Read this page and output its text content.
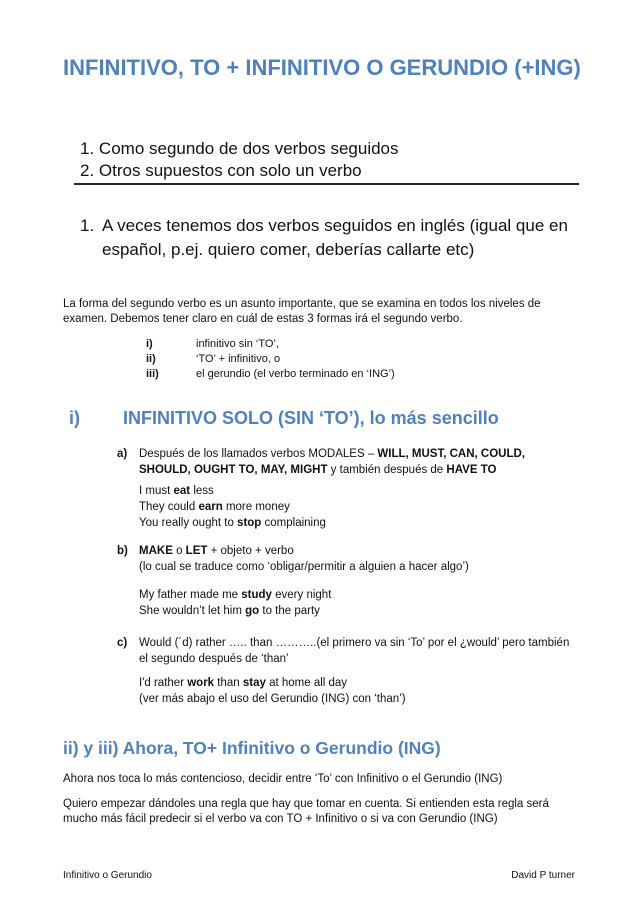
INFINITIVO, TO + INFINITIVO O GERUNDIO (+ING)
1. Como segundo de dos verbos seguidos
2. Otros supuestos con solo un verbo
1. A veces tenemos dos verbos seguidos en inglés (igual que en español, p.ej. quiero comer, deberías callarte etc)
La forma del segundo verbo es un asunto importante, que se examina en todos los niveles de examen. Debemos tener claro en cuál de estas 3 formas irá el segundo verbo.
i)	infinitivo sin ‘TO’,
ii)	‘TO’ + infinitivo, o
iii)	el gerundio (el verbo terminado en ‘ING’)
i) INFINITIVO SOLO (SIN ‘TO’), lo más sencillo
a) Después de los llamados verbos MODALES – WILL, MUST, CAN, COULD, SHOULD, OUGHT TO, MAY, MIGHT y también después de HAVE TO
I must eat less
They could earn more money
You really ought to stop complaining
b) MAKE o LET + objeto + verbo
(lo cual se traduce como ‘obligar/permitir a alguien a hacer algo’)
My father made me study every night
She wouldn’t let him go to the party
c) Would (´d) rather ….. than ………..(el primero va sin ‘To’ por el ¿would’ pero también el segundo después de ‘than’
I'd rather work than stay at home all day
(ver más abajo el uso del Gerundio (ING) con ‘than’)
ii) y iii) Ahora, TO+ Infinitivo o Gerundio (ING)
Ahora nos toca lo más contencioso, decidir entre ‘To’ con Infinitivo o el Gerundio (ING)
Quiero empezar dándoles una regla que hay que tomar en cuenta. Si entienden esta regla será mucho más fácil predecir si el verbo va con TO + Infinitivo o si va con Gerundio (ING)
Infinitivo o Gerundio	David P turner
